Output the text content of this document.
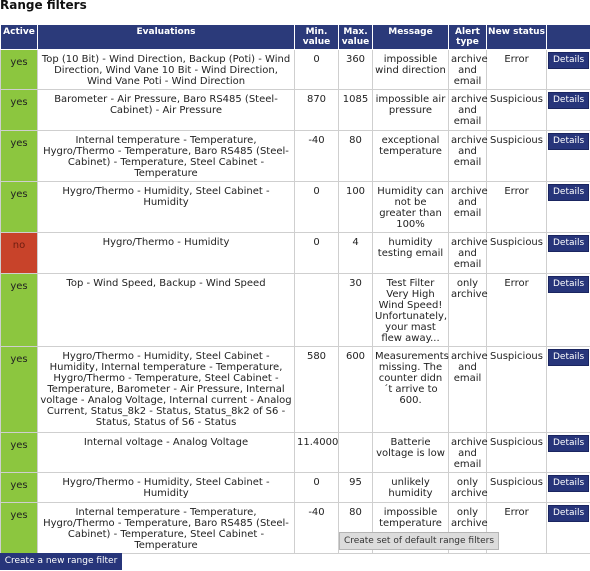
Range filters
Active	Evaluations	Min. value	Max. value	Message	Alert type	New status	
yes	Top (10 Bit) - Wind Direction, Backup (Poti) - Wind Direction, Wind Vane 10 Bit - Wind Direction, Wind Vane Poti - Wind Direction	0	360	impossible wind direction	archive and email	Error	Details
yes	Barometer - Air Pressure, Baro RS485 (Steel-Cabinet) - Air Pressure	870	1085	impossible air pressure	archive and email	Suspicious	Details
yes	Internal temperature - Temperature, Hygro/Thermo - Temperature, Baro RS485 (Steel-Cabinet) - Temperature, Steel Cabinet - Temperature	-40	80	exceptional temperature	archive and email	Suspicious	Details
yes	Hygro/Thermo - Humidity, Steel Cabinet - Humidity	0	100	Humidity can not be greater than 100%	archive and email	Error	Details
no	Hygro/Thermo - Humidity	0	4	humidity testing email	archive and email	Suspicious	Details
yes	Top - Wind Speed, Backup - Wind Speed		30	Test Filter Very High Wind Speed! Unfortunately, your mast flew away...	only archive	Error	Details
yes	Hygro/Thermo - Humidity, Steel Cabinet - Humidity, Internal temperature - Temperature, Hygro/Thermo - Temperature, Steel Cabinet - Temperature, Barometer - Air Pressure, Internal voltage - Analog Voltage, Internal current - Analog Current, Status_8k2 - Status, Status_8k2 of S6 - Status, Status of S6 - Status	580	600	Measurements missing. The counter didn´t arrive to 600.	archive and email	Suspicious	Details
yes	Internal voltage - Analog Voltage	11.4000		Batterie voltage is low	archive and email	Suspicious	Details
yes	Hygro/Thermo - Humidity, Steel Cabinet - Humidity	0	95	unlikely humidity	only archive	Suspicious	Details
yes	Internal temperature - Temperature, Hygro/Thermo - Temperature, Baro RS485 (Steel-Cabinet) - Temperature, Steel Cabinet - Temperature	-40	80	impossible temperature	only archive	Error	Details
Create set of default range filters
Create a new range filter
